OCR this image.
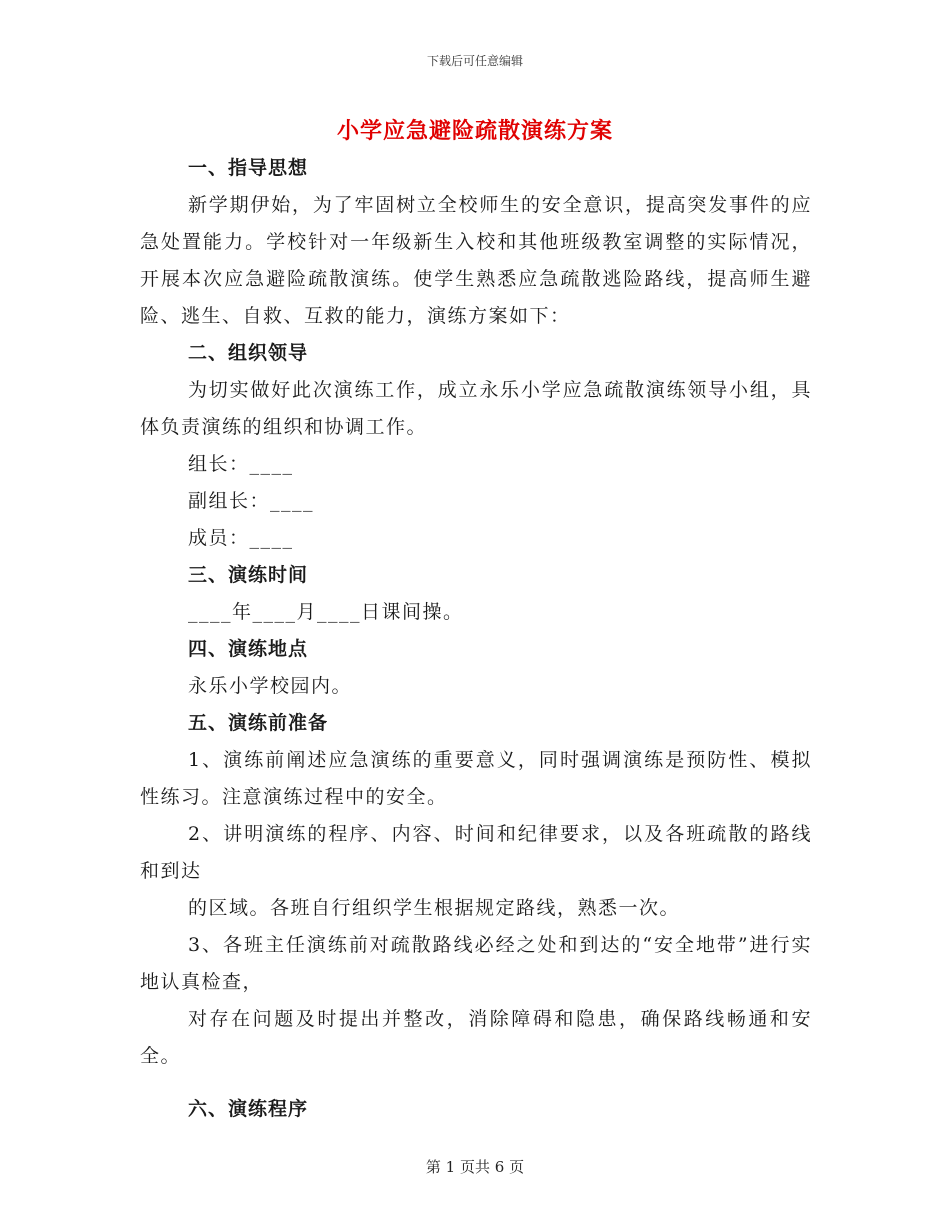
下载后可任意编辑
小学应急避险疏散演练方案

一、指导思想

新学期伊始，为了牢固树立全校师生的安全意识，提高突发事件的应急处置能力。学校针对一年级新生入校和其他班级教室调整的实际情况，开展本次应急避险疏散演练。使学生熟悉应急疏散逃险路线，提高师生避险、逃生、自救、互救的能力，演练方案如下：

二、组织领导

为切实做好此次演练工作，成立永乐小学应急疏散演练领导小组，具体负责演练的组织和协调工作。

组长：____

副组长：____

成员：____

三、演练时间

____年____月____日课间操。

四、演练地点

永乐小学校园内。

五、演练前准备

1、演练前阐述应急演练的重要意义，同时强调演练是预防性、模拟性练习。注意演练过程中的安全。

2、讲明演练的程序、内容、时间和纪律要求，以及各班疏散的路线和到达

的区域。各班自行组织学生根据规定路线，熟悉一次。

3、各班主任演练前对疏散路线必经之处和到达的“安全地带”进行实地认真检查，

对存在问题及时提出并整改，消除障碍和隐患，确保路线畅通和安全。

六、演练程序

第 1 页共 6 页
